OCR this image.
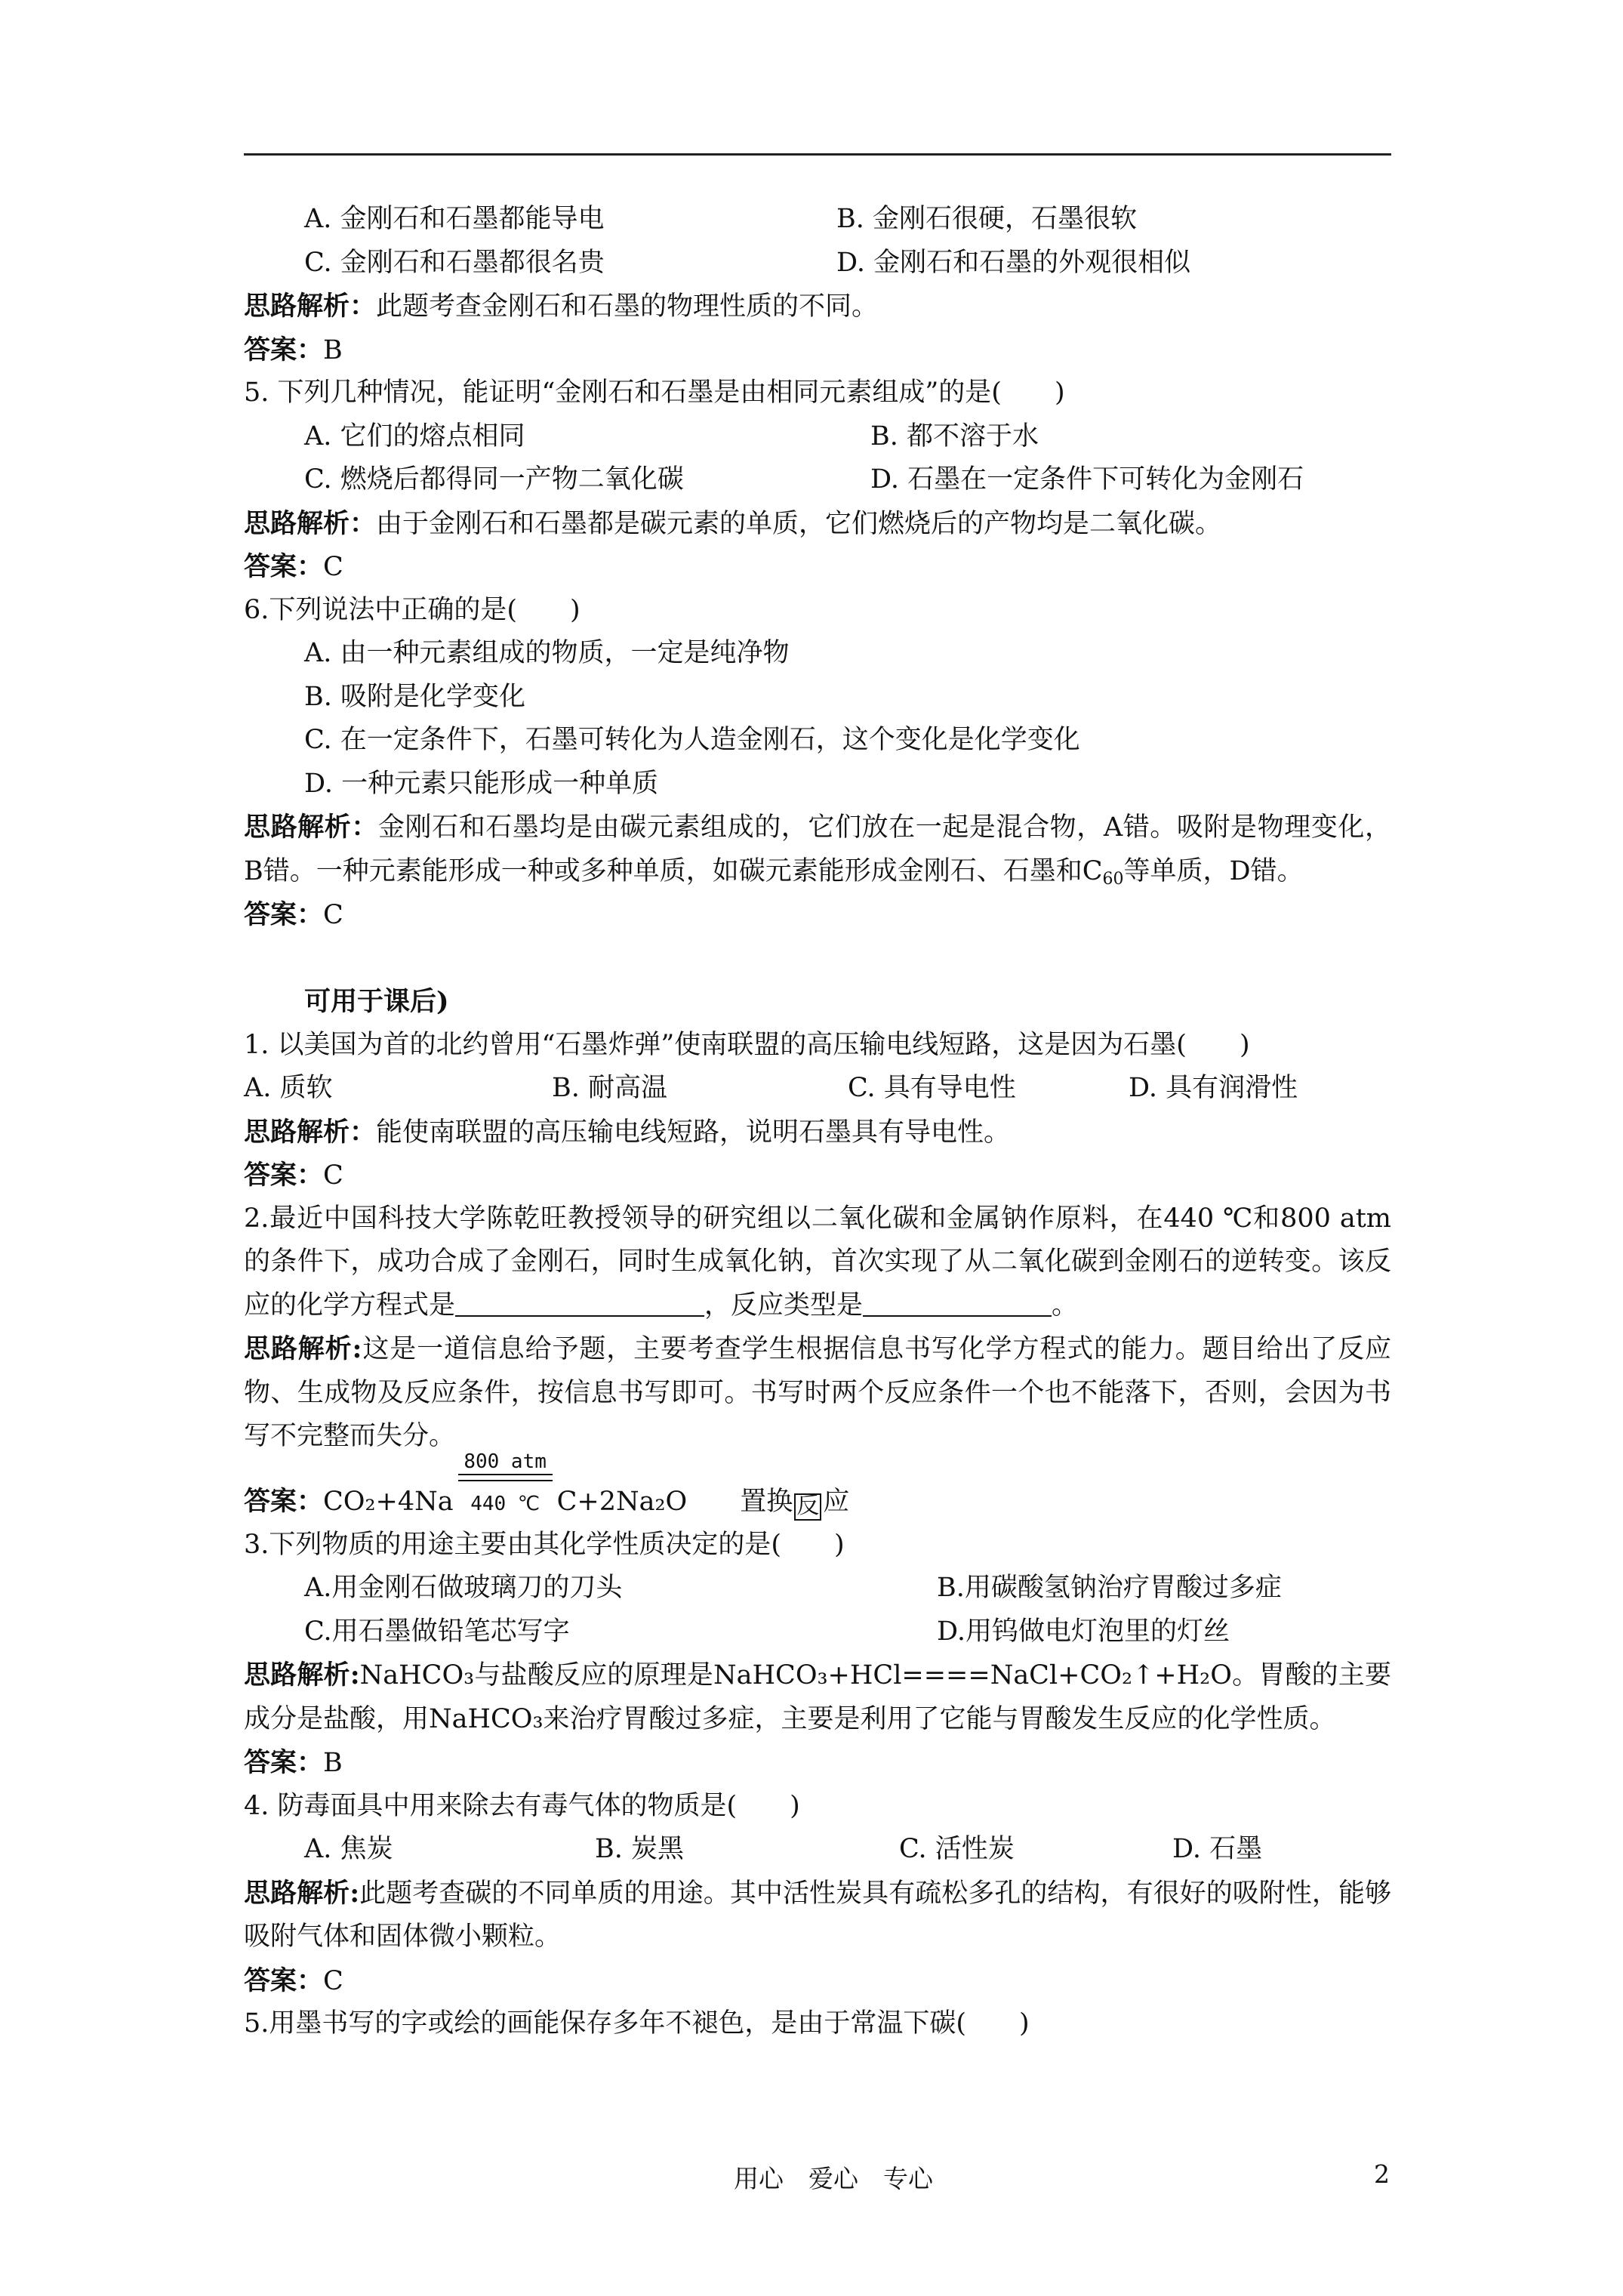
A. 金刚石和石墨都能导电	B. 金刚石很硬，石墨很软
C. 金刚石和石墨都很名贵	D. 金刚石和石墨的外观很相似
思路解析：此题考查金刚石和石墨的物理性质的不同。
答案：B
5. 下列几种情况，能证明“金刚石和石墨是由相同元素组成”的是(　　)
A. 它们的熔点相同	B. 都不溶于水
C. 燃烧后都得同一产物二氧化碳	D. 石墨在一定条件下可转化为金刚石
思路解析：由于金刚石和石墨都是碳元素的单质，它们燃烧后的产物均是二氧化碳。
答案：C
6.下列说法中正确的是(　　)
A. 由一种元素组成的物质，一定是纯净物
B. 吸附是化学变化
C. 在一定条件下，石墨可转化为人造金刚石，这个变化是化学变化
D. 一种元素只能形成一种单质
思路解析：金刚石和石墨均是由碳元素组成的，它们放在一起是混合物，A错。吸附是物理变化，B错。一种元素能形成一种或多种单质，如碳元素能形成金刚石、石墨和$C_{60}$等单质，D错。
答案：C
可用于课后)
1. 以美国为首的北约曾用“石墨炸弹”使南联盟的高压输电线短路，这是因为石墨(　　)
A. 质软	B. 耐高温	C. 具有导电性	D. 具有润滑性
思路解析：能使南联盟的高压输电线短路，说明石墨具有导电性。
答案：C
2.最近中国科技大学陈乾旺教授领导的研究组以二氧化碳和金属钠作原料，在440 ℃和800 atm的条件下，成功合成了金刚石，同时生成氧化钠，首次实现了从二氧化碳到金刚石的逆转变。该反应的化学方程式是	，反应类型是	。
思路解析:这是一道信息给予题，主要考查学生根据信息书写化学方程式的能力。题目给出了反应物、生成物及反应条件，按信息书写即可。书写时两个反应条件一个也不能落下，否则，会因为书写不完整而失分。
答案：CO₂+4Na
800 atm
440 ℃ C+2Na₂O 置换 反 应
3.下列物质的用途主要由其化学性质决定的是(　　)
A.用金刚石做玻璃刀的刀头	B.用碳酸氢钠治疗胃酸过多症
C.用石墨做铅笔芯写字	D.用钨做电灯泡里的灯丝
思路解析:NaHCO₃与盐酸反应的原理是NaHCO₃+HCl====NaCl+CO₂↑+H₂O。胃酸的主要成分是盐酸，用NaHCO₃来治疗胃酸过多症，主要是利用了它能与胃酸发生反应的化学性质。
答案：B
4. 防毒面具中用来除去有毒气体的物质是(　　)
A. 焦炭	B. 炭黑	C. 活性炭	D. 石墨
思路解析:此题考查碳的不同单质的用途。其中活性炭具有疏松多孔的结构，有很好的吸附性，能够吸附气体和固体微小颗粒。
答案：C
5.用墨书写的字或绘的画能保存多年不褪色，是由于常温下碳(　　)
用心　爱心　专心	2
